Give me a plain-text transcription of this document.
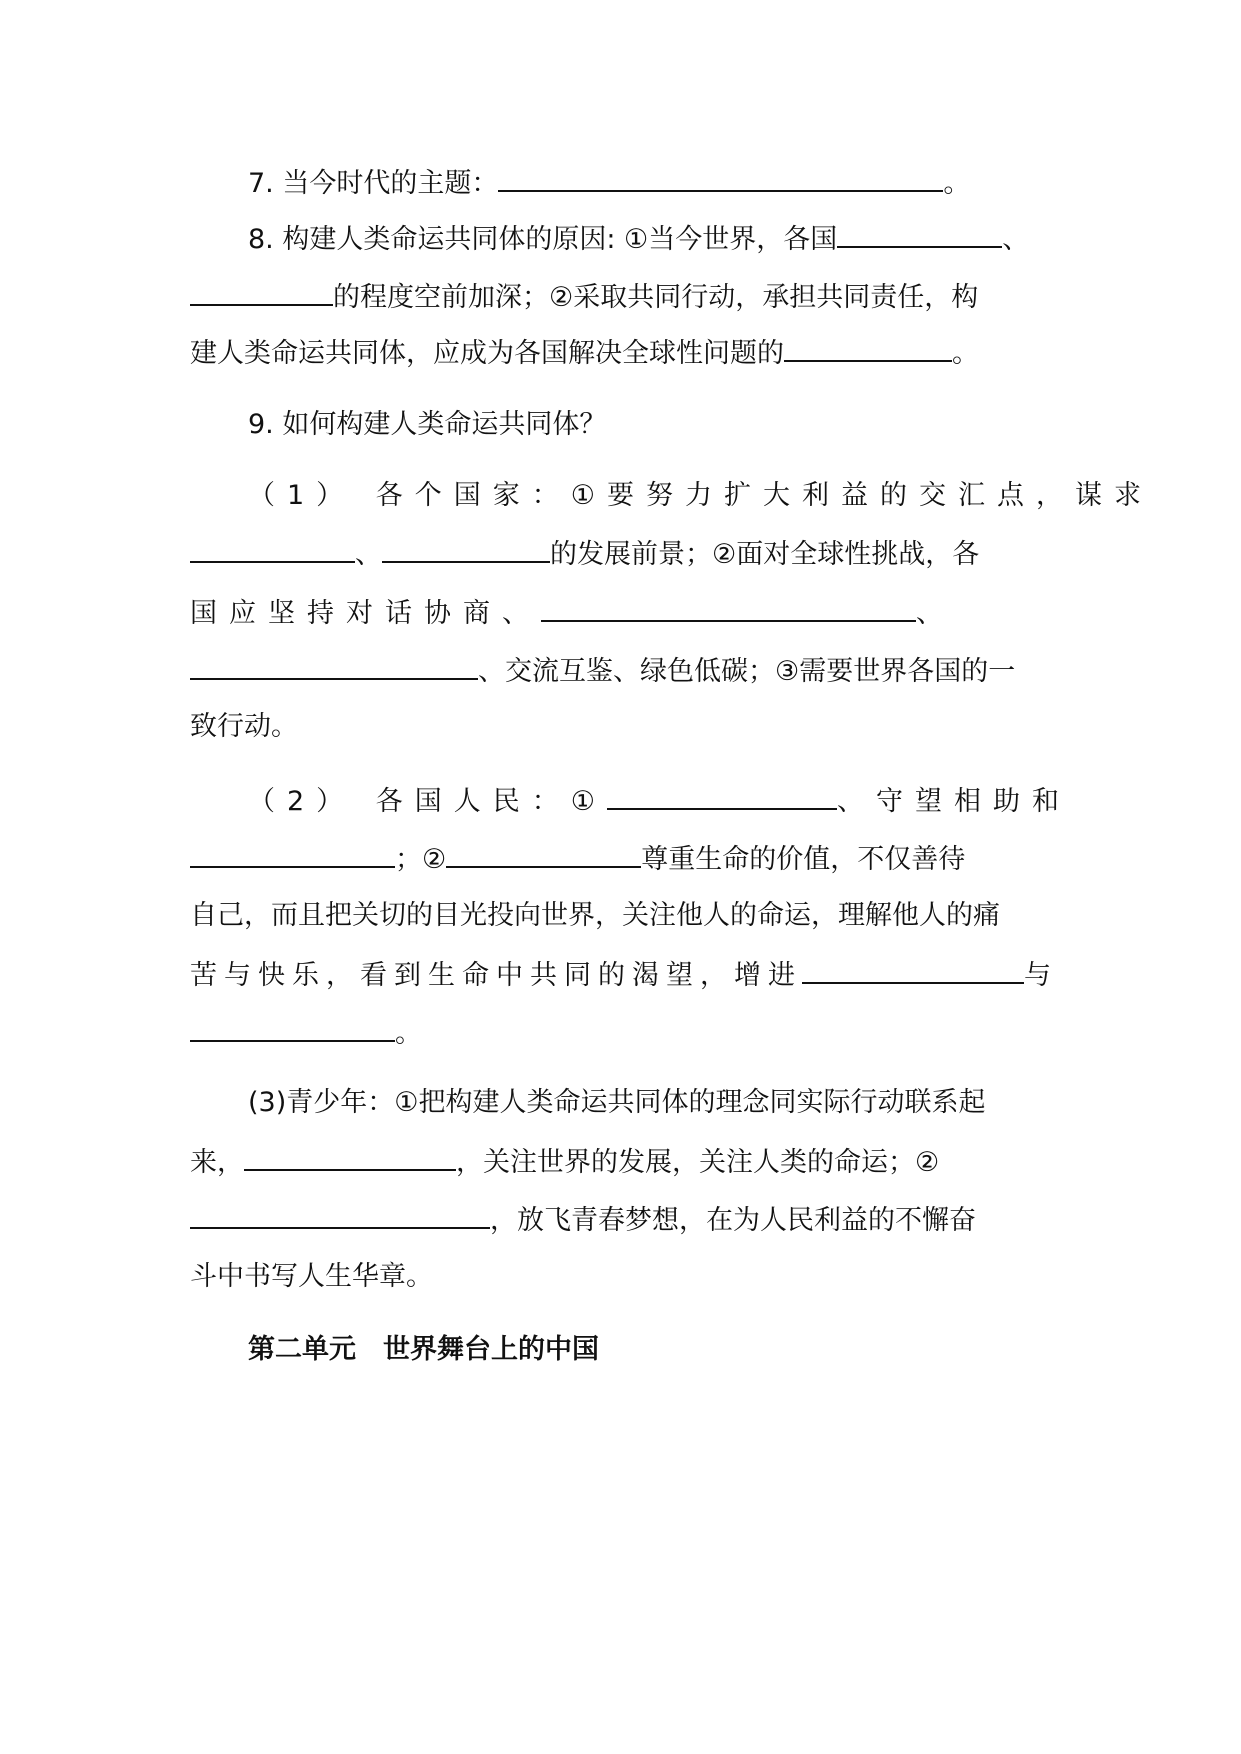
7. 当今时代的主题：	。
8. 构建人类命运共同体的原因: ①当今世界，各国	、
的程度空前加深；②采取共同行动，承担共同责任，构
建人类命运共同体，应成为各国解决全球性问题的	。
9. 如何构建人类命运共同体？
（1） 各个国家：①要努力扩大利益的交汇点，谋求
、	的发展前景；②面对全球性挑战，各
国应坚持对话协商、	、
、交流互鉴、绿色低碳；③需要世界各国的一
致行动。
（2） 各国人民：①	、守望相助和
；②	尊重生命的价值，不仅善待
自己，而且把关切的目光投向世界，关注他人的命运，理解他人的痛
苦与快乐，看到生命中共同的渴望，增进	与
。
(3)青少年：①把构建人类命运共同体的理念同实际行动联系起
来，	，关注世界的发展，关注人类的命运；②
，放飞青春梦想，在为人民利益的不懈奋
斗中书写人生华章。
第二单元　世界舞台上的中国
